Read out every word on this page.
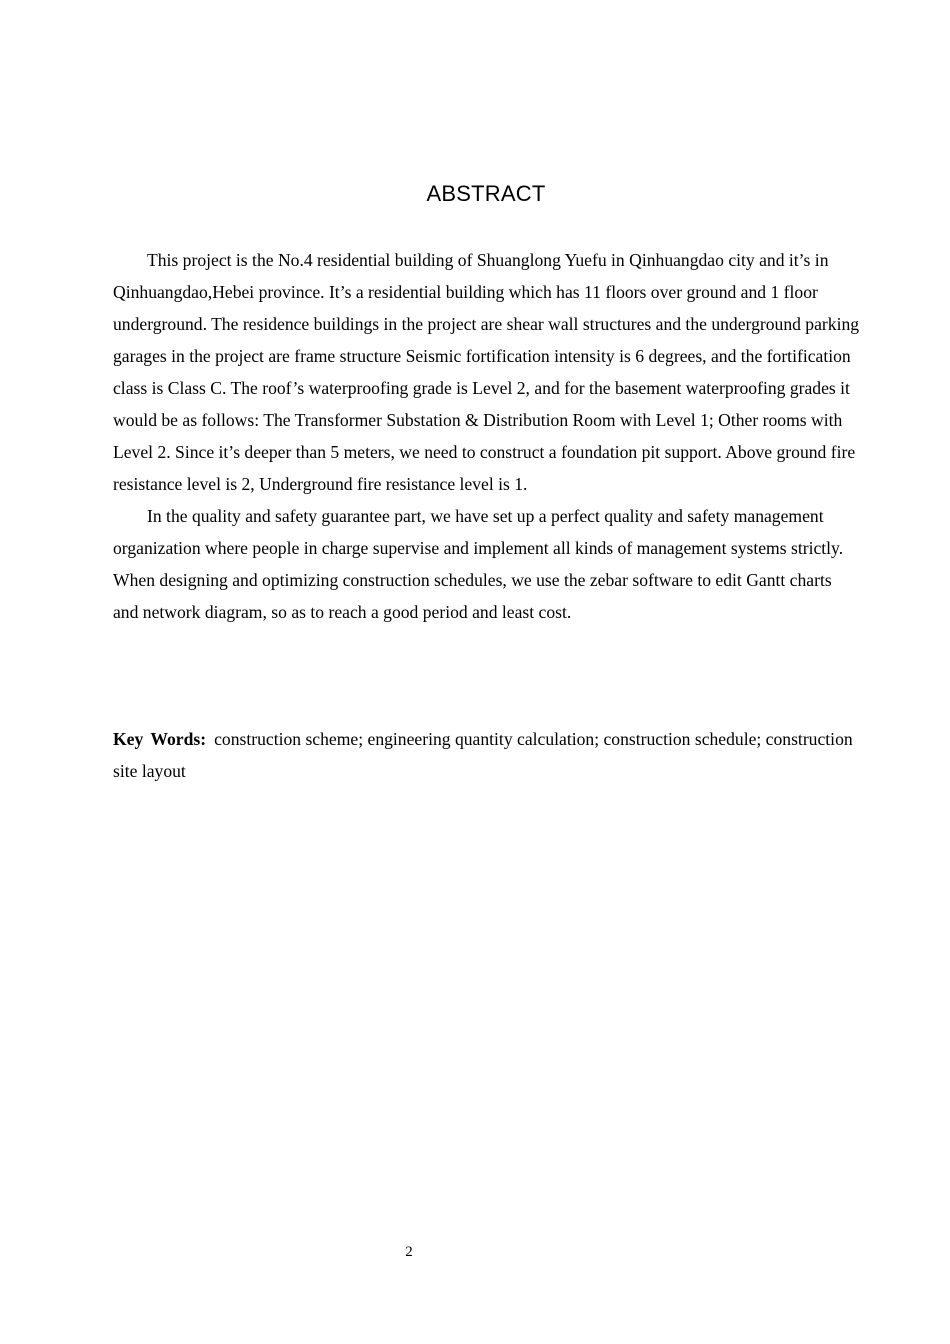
ABSTRACT

This project is the No.4 residential building of Shuanglong Yuefu in Qinhuangdao city and it’s in Qinhuangdao,Hebei province. It’s a residential building which has 11 floors over ground and 1 floor underground. The residence buildings in the project are shear wall structures and the underground parking garages in the project are frame structure Seismic fortification intensity is 6 degrees, and the fortification class is Class C. The roof’s waterproofing grade is Level 2, and for the basement waterproofing grades it would be as follows: The Transformer Substation & Distribution Room with Level 1; Other rooms with Level 2. Since it’s deeper than 5 meters, we need to construct a foundation pit support. Above ground fire resistance level is 2, Underground fire resistance level is 1.

In the quality and safety guarantee part, we have set up a perfect quality and safety management organization where people in charge supervise and implement all kinds of management systems strictly. When designing and optimizing construction schedules, we use the zebar software to edit Gantt charts and network diagram, so as to reach a good period and least cost.

Key Words: construction scheme; engineering quantity calculation; construction schedule; construction site layout

2
